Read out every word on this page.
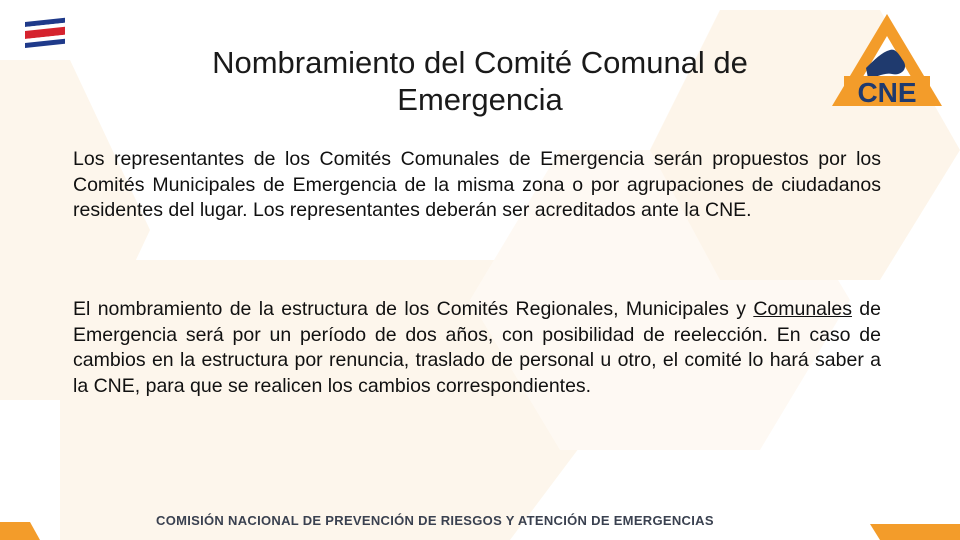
CNE
Nombramiento del Comité Comunal de Emergencia

Los representantes de los Comités Comunales de Emergencia serán propuestos por los Comités Municipales de Emergencia de la misma zona o por agrupaciones de ciudadanos residentes del lugar. Los representantes deberán ser acreditados ante la CNE.

El nombramiento de la estructura de los Comités Regionales, Municipales y Comunales de Emergencia será por un período de dos años, con posibilidad de reelección. En caso de cambios en la estructura por renuncia, traslado de personal u otro, el comité lo hará saber a la CNE, para que se realicen los cambios correspondientes.

COMISIÓN NACIONAL DE PREVENCIÓN DE RIESGOS Y ATENCIÓN DE EMERGENCIAS
